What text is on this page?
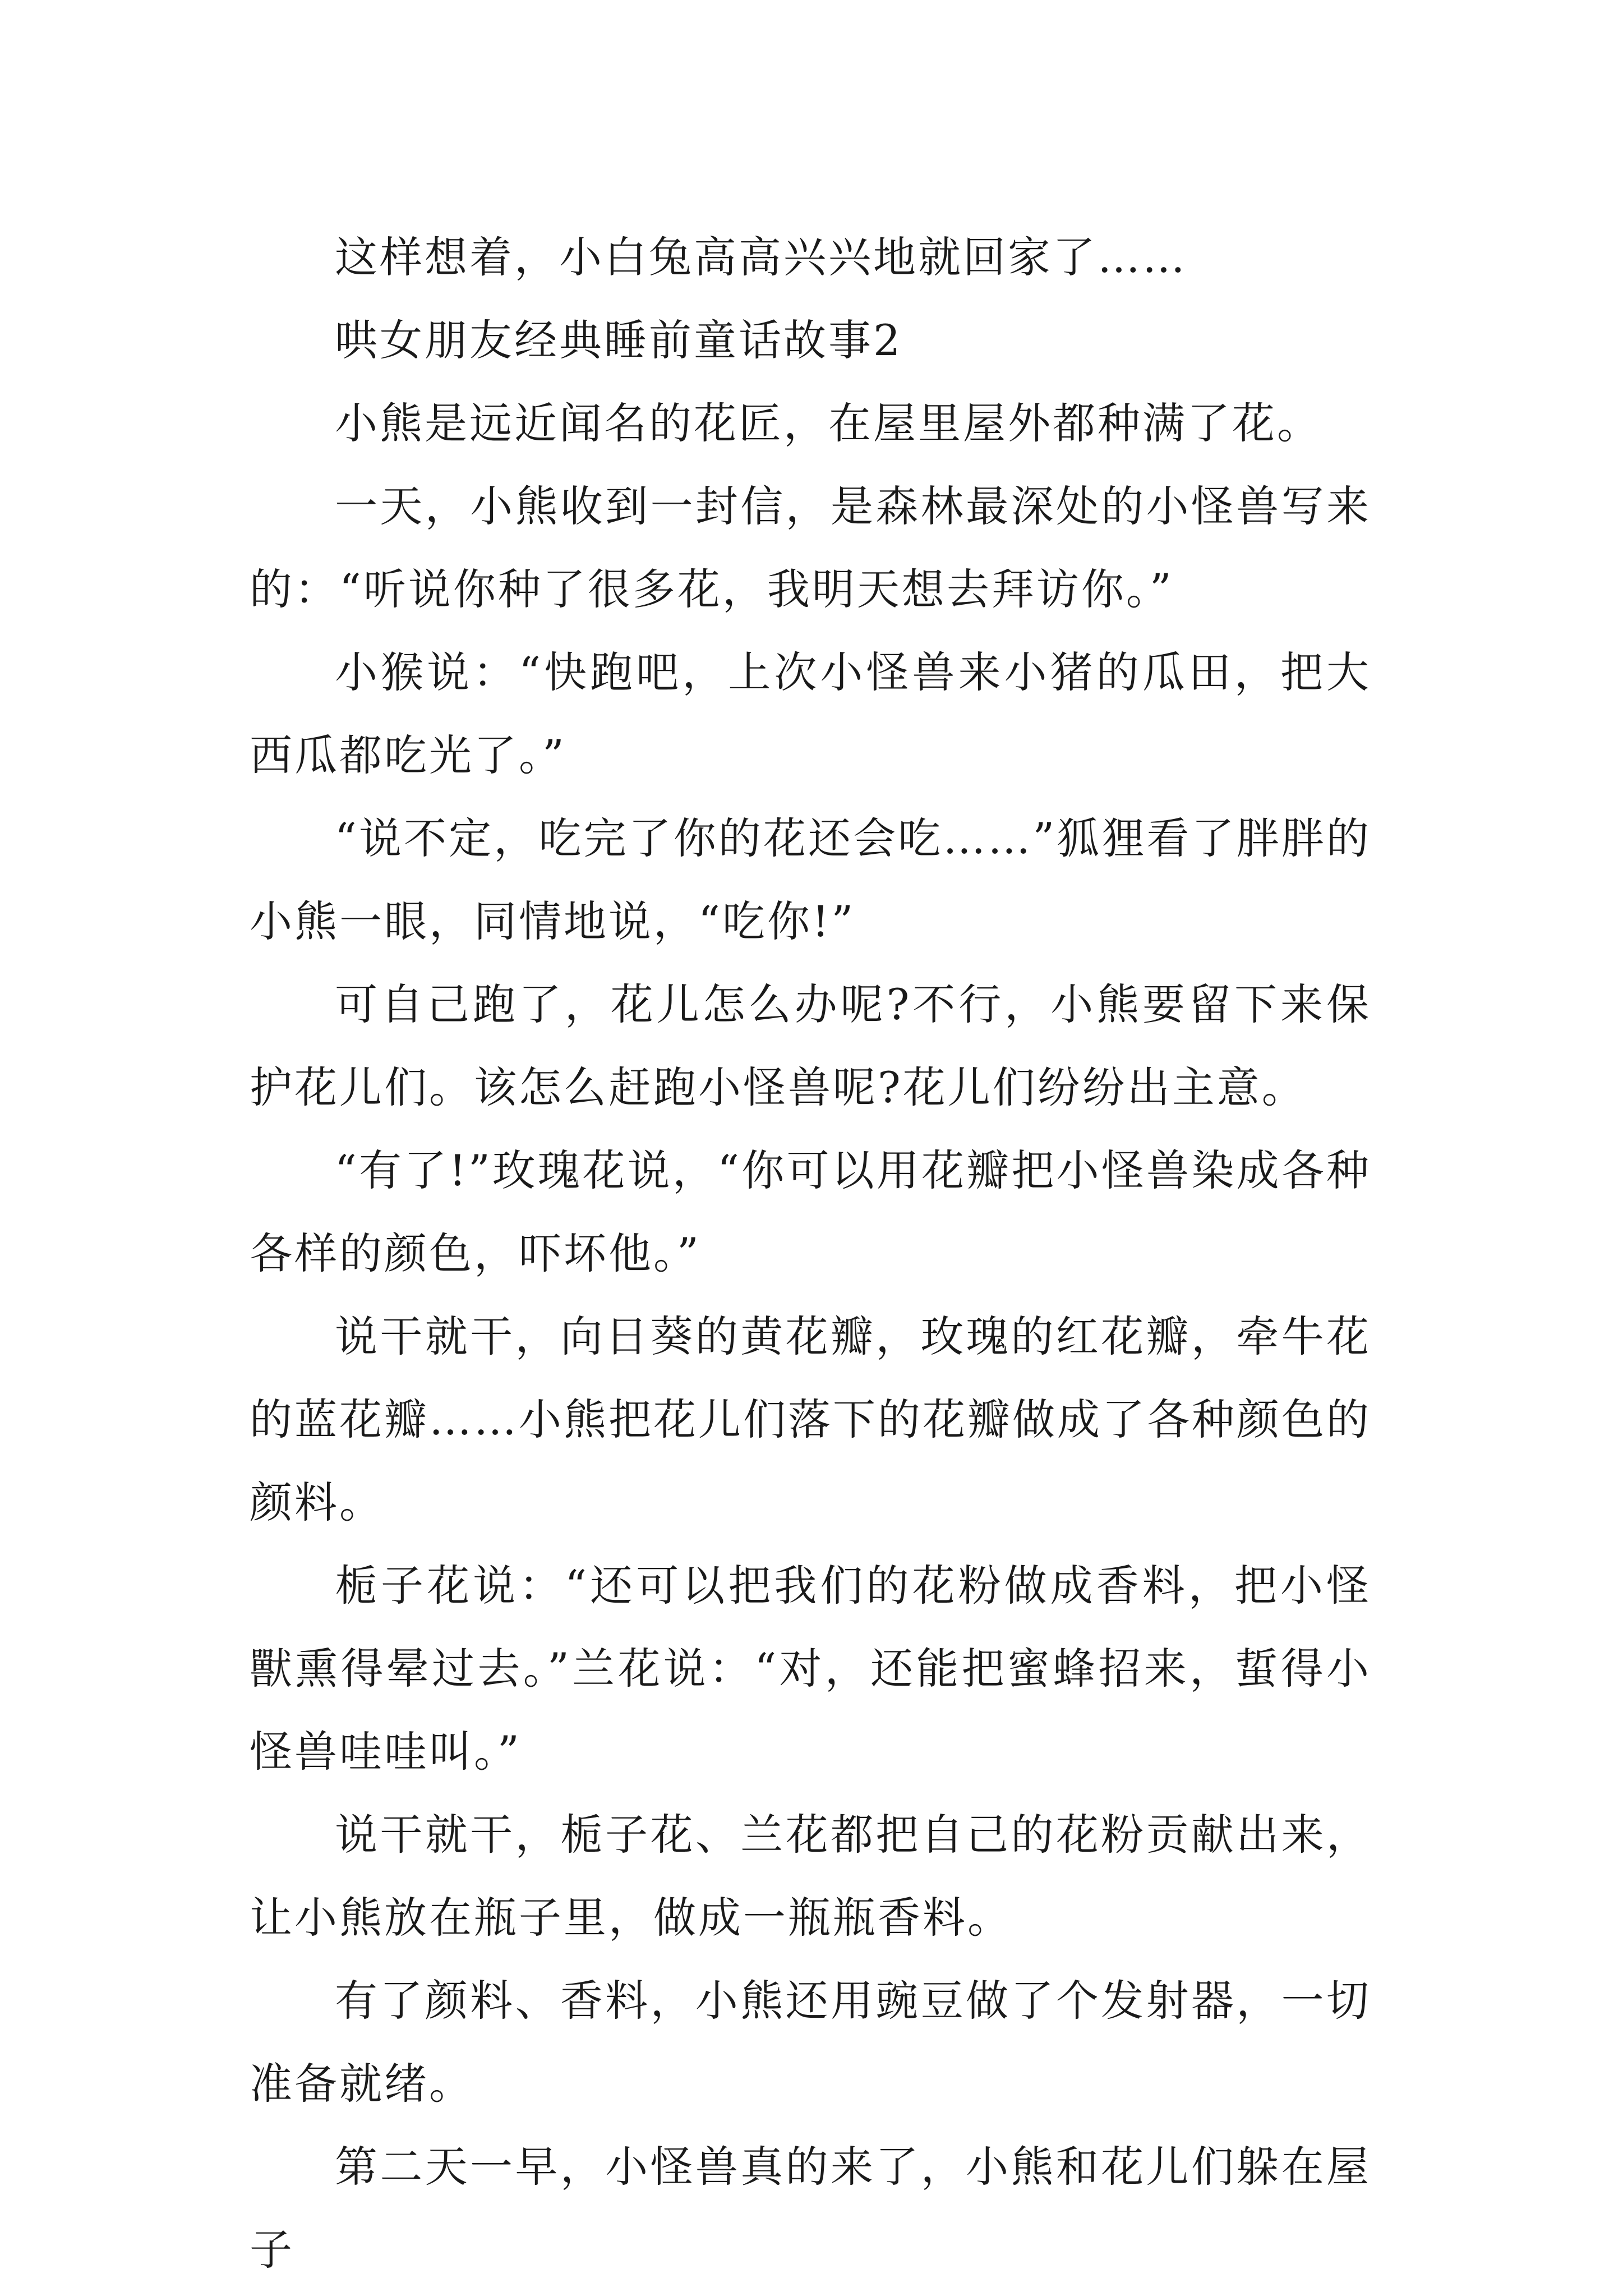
这样想着，小白兔高高兴兴地就回家了……

哄女朋友经典睡前童话故事2

小熊是远近闻名的花匠，在屋里屋外都种满了花。

一天，小熊收到一封信，是森林最深处的小怪兽写来的：“听说你种了很多花，我明天想去拜访你。”

小猴说：“快跑吧，上次小怪兽来小猪的瓜田，把大西瓜都吃光了。”

“说不定，吃完了你的花还会吃……”狐狸看了胖胖的小熊一眼，同情地说，“吃你!”

可自己跑了，花儿怎么办呢?不行，小熊要留下来保护花儿们。该怎么赶跑小怪兽呢?花儿们纷纷出主意。

“有了!”玫瑰花说，“你可以用花瓣把小怪兽染成各种各样的颜色，吓坏他。”

说干就干，向日葵的黄花瓣，玫瑰的红花瓣，牵牛花的蓝花瓣……小熊把花儿们落下的花瓣做成了各种颜色的颜料。

栀子花说：“还可以把我们的花粉做成香料，把小怪獸熏得晕过去。”兰花说：“对，还能把蜜蜂招来，蜇得小怪兽哇哇叫。”

说干就干，栀子花、兰花都把自己的花粉贡献出来，让小熊放在瓶子里，做成一瓶瓶香料。

有了颜料、香料，小熊还用豌豆做了个发射器，一切准备就绪。

第二天一早，小怪兽真的来了，小熊和花儿们躲在屋子
